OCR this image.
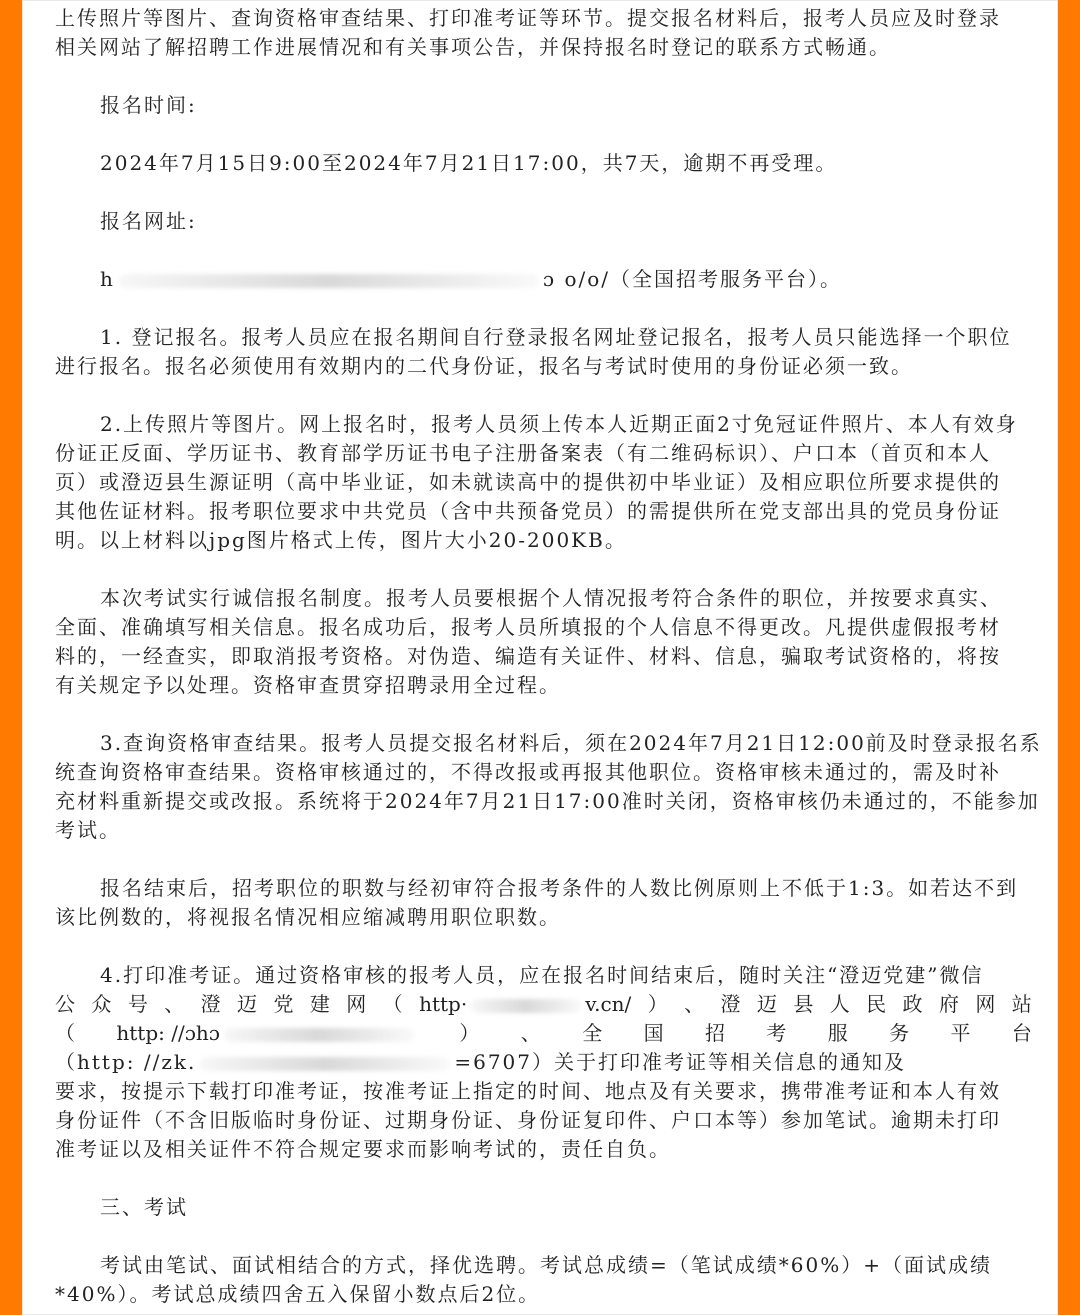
上传照片等图片、查询资格审查结果、打印准考证等环节。提交报名材料后，报考人员应及时登录
相关网站了解招聘工作进展情况和有关事项公告，并保持报名时登记的联系方式畅通。
报名时间:
2024年7月15日9:00至2024年7月21日17:00，共7天，逾期不再受理。
报名网址:
h	ɔ o/o/（全国招考服务平台）。
1. 登记报名。报考人员应在报名期间自行登录报名网址登记报名，报考人员只能选择一个职位
进行报名。报名必须使用有效期内的二代身份证，报名与考试时使用的身份证必须一致。
2.上传照片等图片。网上报名时，报考人员须上传本人近期正面2寸免冠证件照片、本人有效身
份证正反面、学历证书、教育部学历证书电子注册备案表（有二维码标识）、户口本（首页和本人
页）或澄迈县生源证明（高中毕业证，如未就读高中的提供初中毕业证）及相应职位所要求提供的
其他佐证材料。报考职位要求中共党员（含中共预备党员）的需提供所在党支部出具的党员身份证
明。以上材料以jpg图片格式上传，图片大小20-200KB。
本次考试实行诚信报名制度。报考人员要根据个人情况报考符合条件的职位，并按要求真实、
全面、准确填写相关信息。报名成功后，报考人员所填报的个人信息不得更改。凡提供虚假报考材
料的，一经查实，即取消报考资格。对伪造、编造有关证件、材料、信息，骗取考试资格的，将按
有关规定予以处理。资格审查贯穿招聘录用全过程。
3.查询资格审查结果。报考人员提交报名材料后，须在2024年7月21日12:00前及时登录报名系
统查询资格审查结果。资格审核通过的，不得改报或再报其他职位。资格审核未通过的，需及时补
充材料重新提交或改报。系统将于2024年7月21日17:00准时关闭，资格审核仍未通过的，不能参加
考试。
报名结束后，招考职位的职数与经初审符合报考条件的人数比例原则上不低于1:3。如若达不到
该比例数的，将视报名情况相应缩减聘用职位职数。
4.打印准考证。通过资格审核的报考人员，应在报名时间结束后，随时关注“澄迈党建”微信
公 众 号 、 澄 迈 党 建 网 （ http·	v.cn/ ） 、 澄 迈 县 人 民 政 府 网 站
（ http: //ɔhɔ	） 、 全 国 招 考 服 务 平 台
（http: //zk.	=6707）关于打印准考证等相关信息的通知及
要求，按提示下载打印准考证，按准考证上指定的时间、地点及有关要求，携带准考证和本人有效
身份证件（不含旧版临时身份证、过期身份证、身份证复印件、户口本等）参加笔试。逾期未打印
准考证以及相关证件不符合规定要求而影响考试的，责任自负。
三、考试
考试由笔试、面试相结合的方式，择优选聘。考试总成绩=（笔试成绩*60%）+（面试成绩
*40%）。考试总成绩四舍五入保留小数点后2位。
